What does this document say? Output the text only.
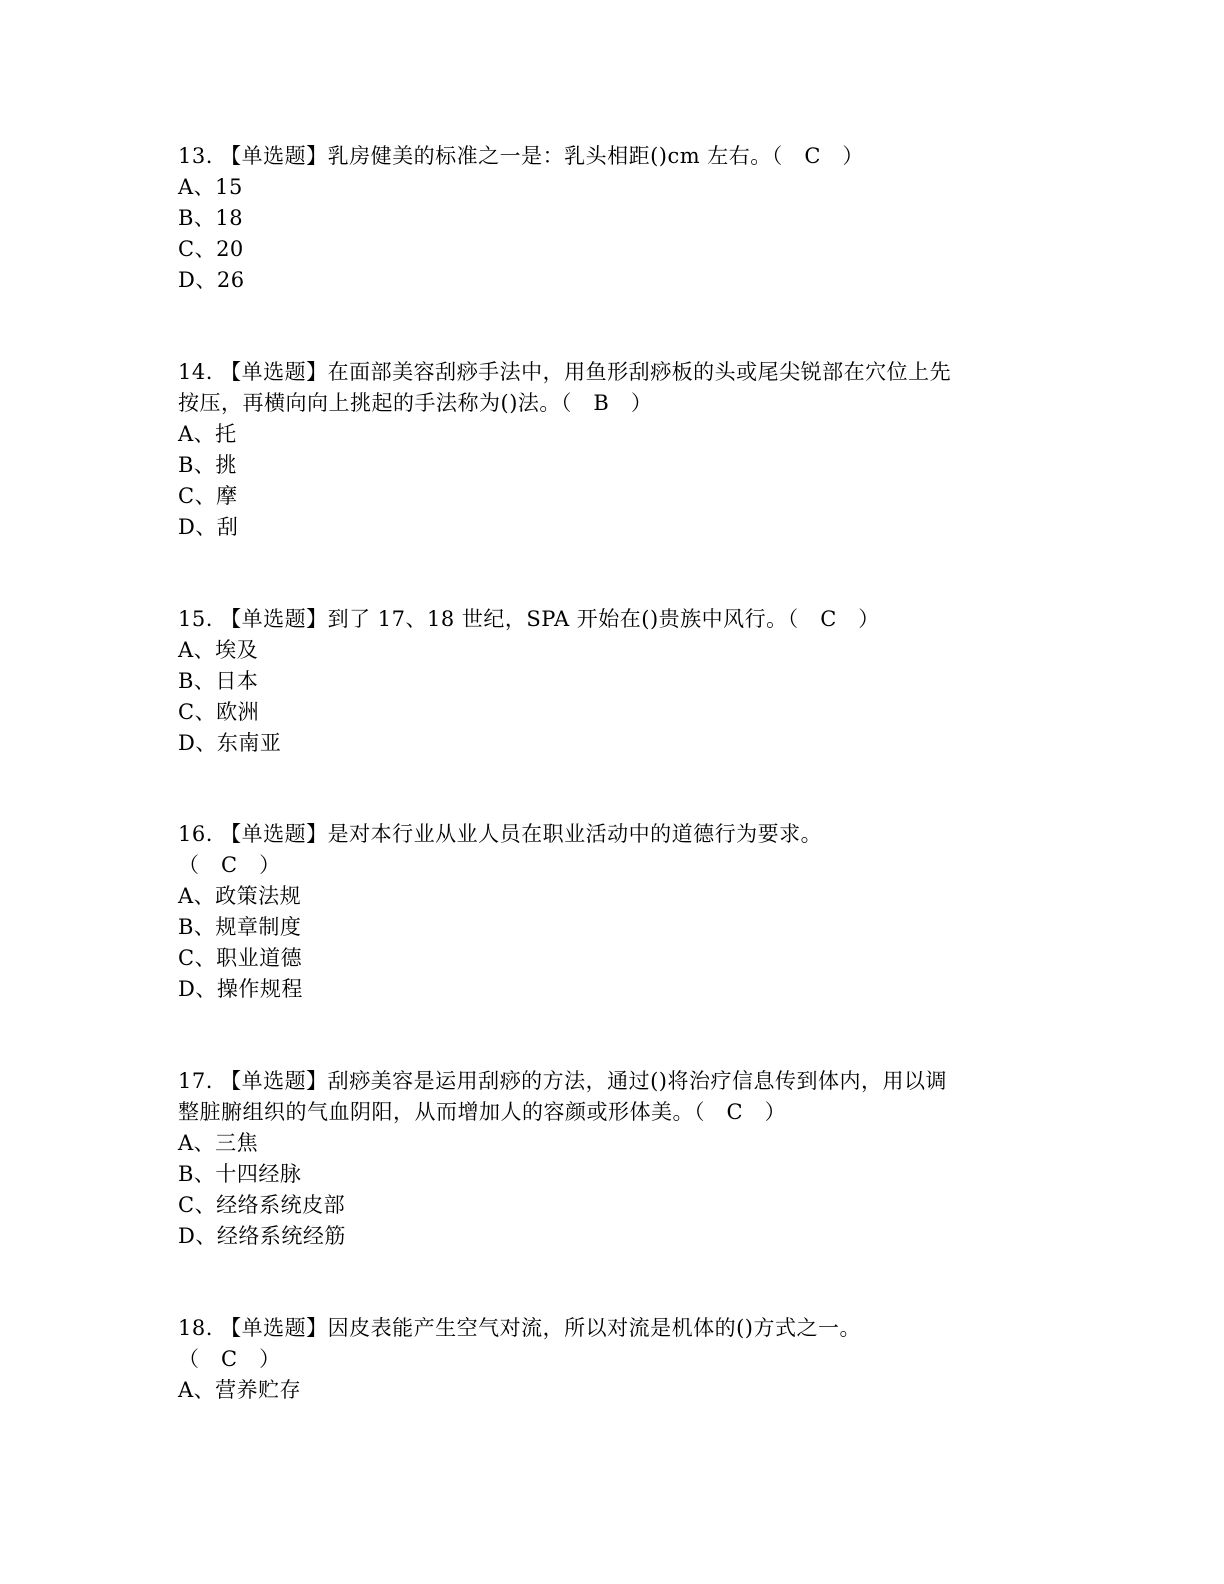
13. 【单选题】乳房健美的标准之一是：乳头相距()cm 左右。（   C   ）
A、15
B、18
C、20
D、26
14. 【单选题】在面部美容刮痧手法中，用鱼形刮痧板的头或尾尖锐部在穴位上先
按压，再横向向上挑起的手法称为()法。（   B   ）
A、托
B、挑
C、摩
D、刮
15. 【单选题】到了 17、18 世纪，SPA 开始在()贵族中风行。（   C   ）
A、埃及
B、日本
C、欧洲
D、东南亚
16. 【单选题】是对本行业从业人员在职业活动中的道德行为要求。
（   C   ）
A、政策法规
B、规章制度
C、职业道德
D、操作规程
17. 【单选题】刮痧美容是运用刮痧的方法，通过()将治疗信息传到体内，用以调
整脏腑组织的气血阴阳，从而增加人的容颜或形体美。（   C   ）
A、三焦
B、十四经脉
C、经络系统皮部
D、经络系统经筋
18. 【单选题】因皮表能产生空气对流，所以对流是机体的()方式之一。
（   C   ）
A、营养贮存
